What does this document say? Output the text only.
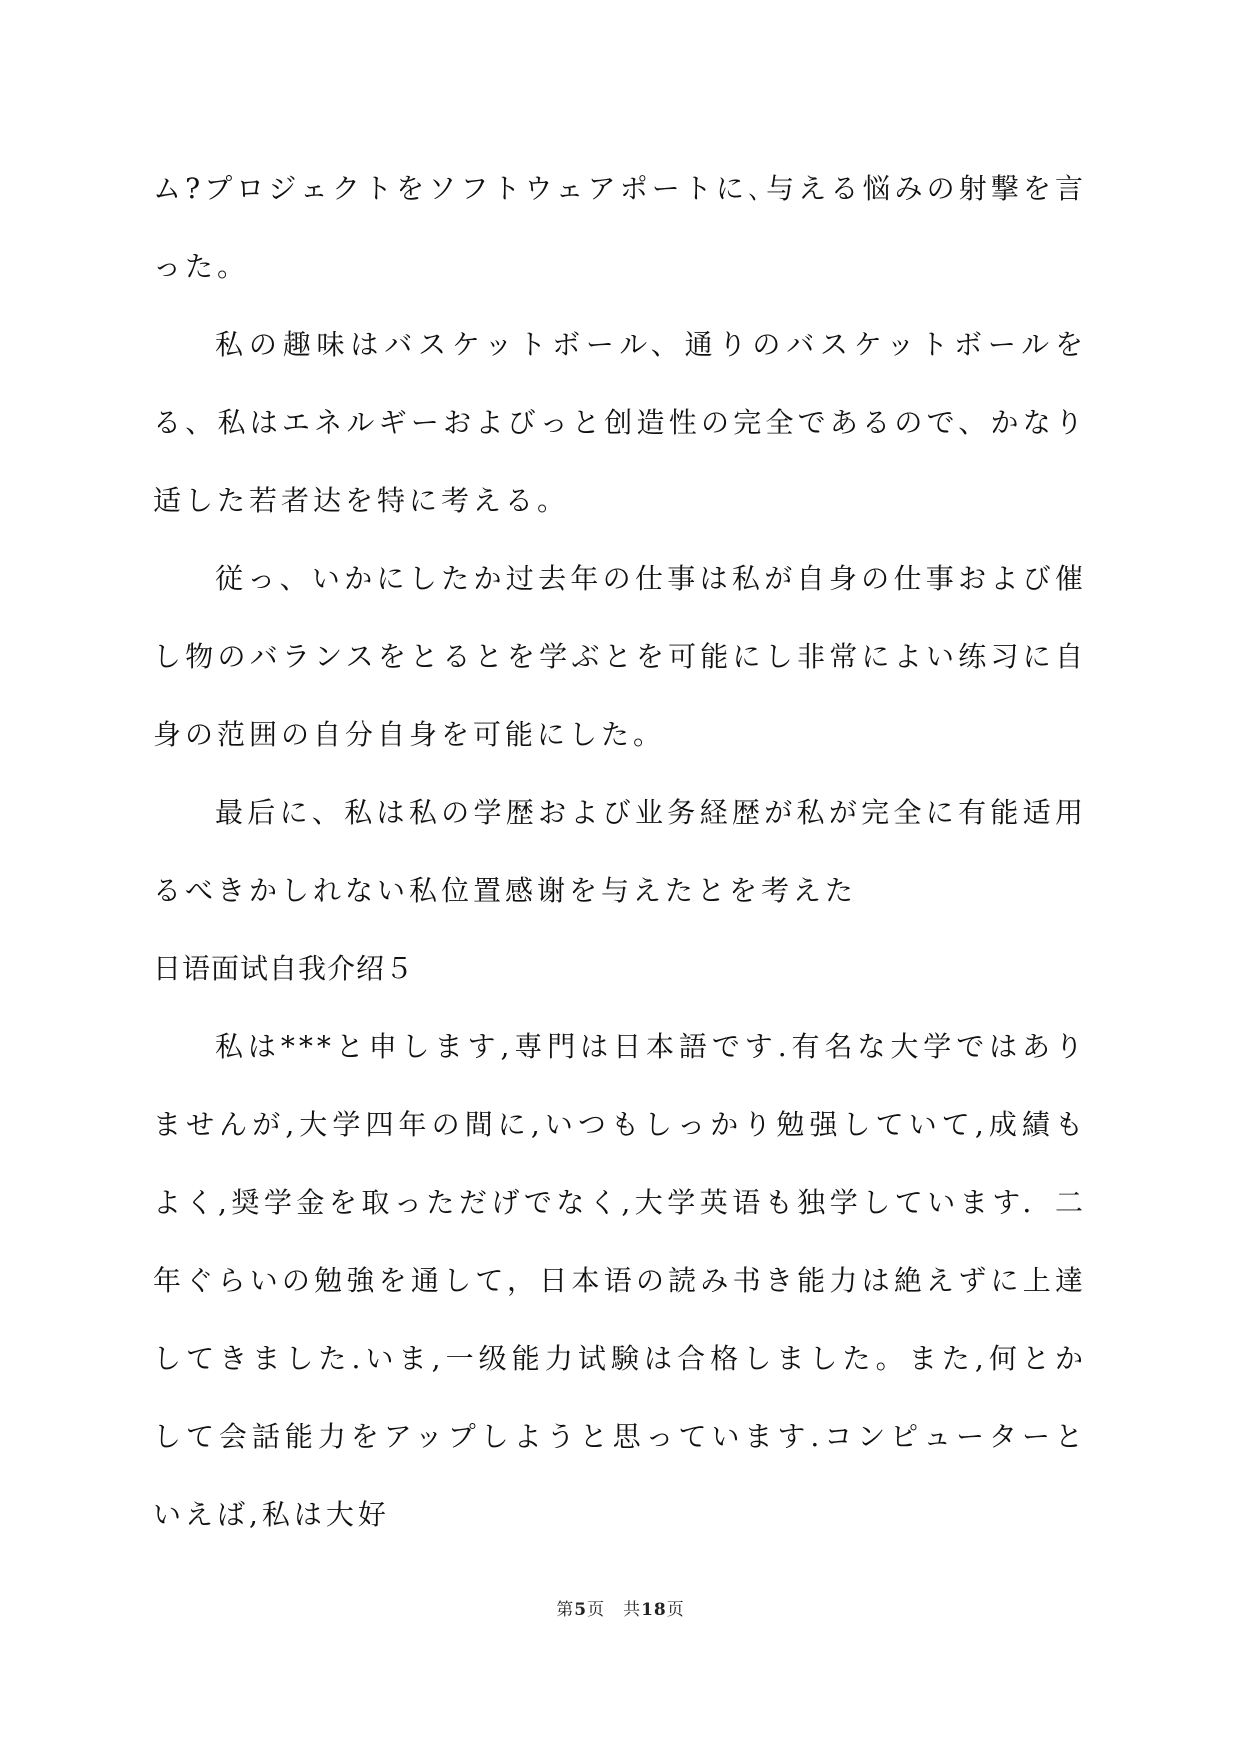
ム?プロジェクトをソフトウェアポートに､与える悩みの射撃を言った。

私の趣味はバスケットボール、通りのバスケットボールをる、私はエネルギーおよびっと创造性の完全であるので、かなり适した若者达を特に考える。

従っ、いかにしたか过去年の仕事は私が自身の仕事および催し物のバランスをとるとを学ぶとを可能にし非常によい练习に自身の范囲の自分自身を可能にした。

最后に、私は私の学歴および业务経歴が私が完全に有能适用るべきかしれない私位置感谢を与えたとを考えた

日语面试自我介绍５

私は***と申します,専門は日本語です.有名な大学ではありませんが,大学四年の間に,いつもしっかり勉强していて,成績もよく,奨学金を取っただげでなく,大学英语も独学しています．二年ぐらいの勉強を通して，日本语の読み书き能力は絶えずに上達してきました.いま,一级能力试験は合格しました。また,何とかして会話能力をアップしようと思っています.コンピューターといえば,私は大好

第5页 共18页
